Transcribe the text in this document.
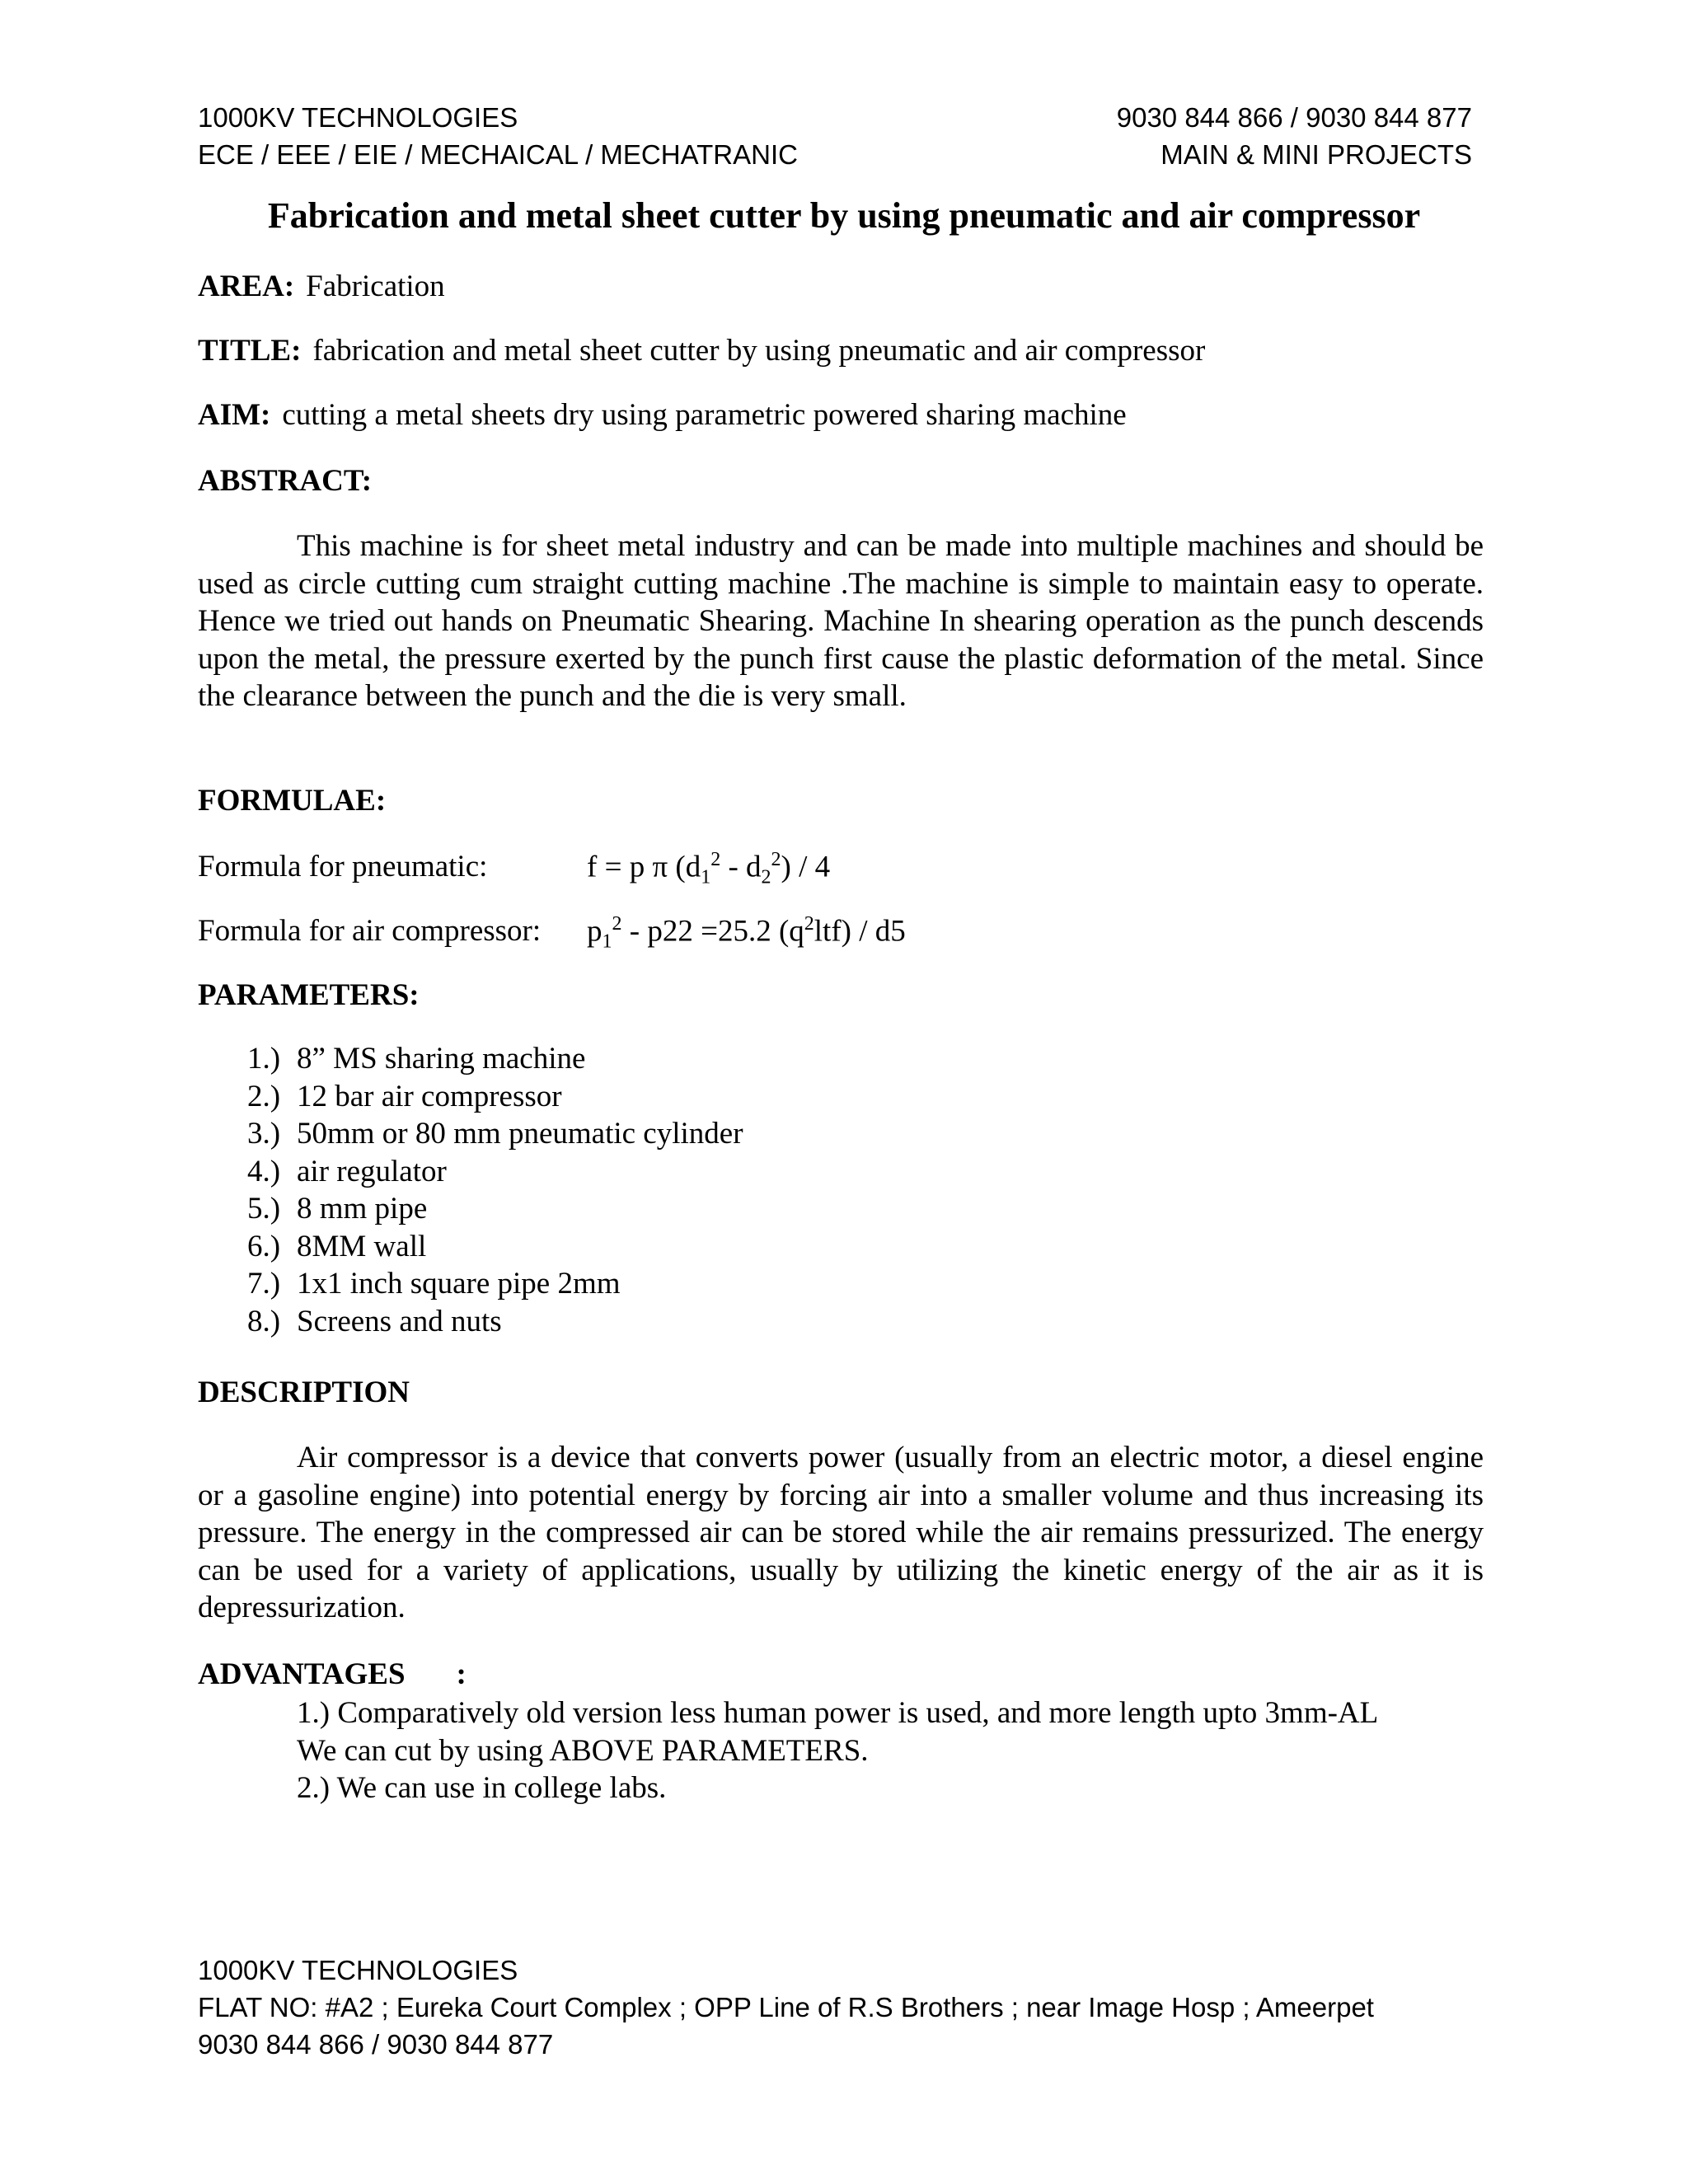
1000KV TECHNOLOGIES
ECE / EEE / EIE / MECHAICAL / MECHATRANIC
9030 844 866 / 9030 844 877
MAIN & MINI PROJECTS
Fabrication and metal sheet cutter by using pneumatic and air compressor
AREA: Fabrication
TITLE: fabrication and metal sheet cutter by using pneumatic and air compressor
AIM: cutting a metal sheets dry using parametric powered sharing machine
ABSTRACT:

This machine is for sheet metal industry and can be made into multiple machines and should be used as circle cutting cum straight cutting machine .The machine is simple to maintain easy to operate. Hence we tried out hands on Pneumatic Shearing. Machine In shearing operation as the punch descends upon the metal, the pressure exerted by the punch first cause the plastic deformation of the metal. Since the clearance between the punch and the die is very small.

FORMULAE:
Formula for pneumatic:	f = p π $(d_1^2 - d_2^2) / 4$
Formula for air compressor: $p_1^2 - p22 =25.2$ $(q^2ltf) / d5$
PARAMETERS:
1.) 8” MS sharing machine
2.) 12 bar air compressor
3.) 50mm or 80 mm pneumatic cylinder
4.) air regulator
5.) 8 mm pipe
6.) 8MM wall
7.) 1x1 inch square pipe 2mm
8.) Screens and nuts
DESCRIPTION

Air compressor is a device that converts power (usually from an electric motor, a diesel engine or a gasoline engine) into potential energy by forcing air into a smaller volume and thus increasing its pressure. The energy in the compressed air can be stored while the air remains pressurized. The energy can be used for a variety of applications, usually by utilizing the kinetic energy of the air as it is depressurization.

ADVANTAGES :
1.) Comparatively old version less human power is used, and more length upto 3mm-AL
We can cut by using ABOVE PARAMETERS.
2.) We can use in college labs.
1000KV TECHNOLOGIES
FLAT NO: #A2 ; Eureka Court Complex ; OPP Line of R.S Brothers ; near Image Hosp ; Ameerpet
9030 844 866 / 9030 844 877
